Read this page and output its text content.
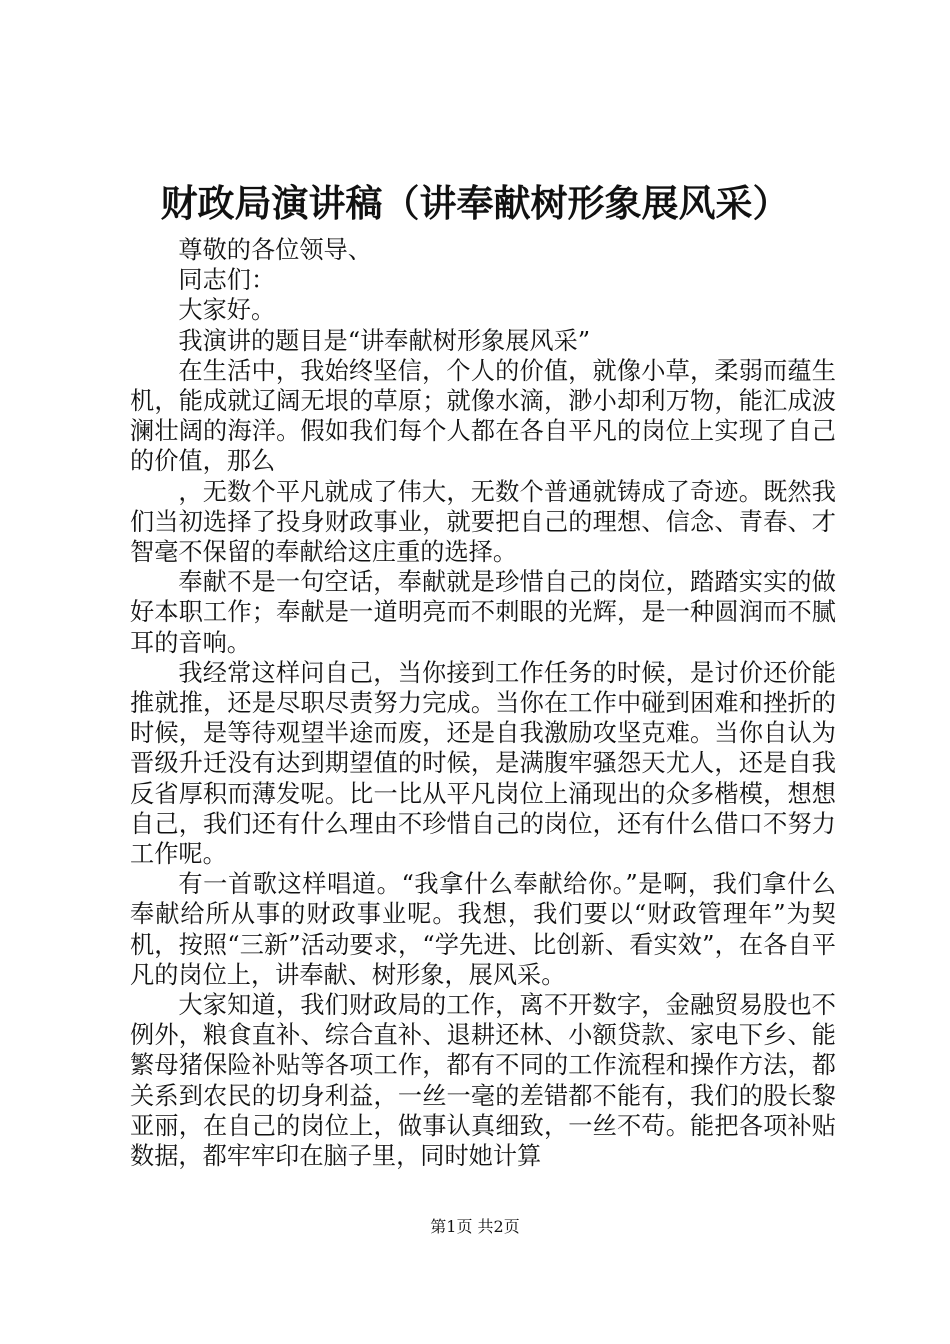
财政局演讲稿（讲奉献树形象展风采）

尊敬的各位领导、

同志们：

大家好。

我演讲的题目是“讲奉献树形象展风采”

在生活中，我始终坚信，个人的价值，就像小草，柔弱而蕴生机，能成就辽阔无垠的草原；就像水滴，渺小却利万物，能汇成波澜壮阔的海洋。假如我们每个人都在各自平凡的岗位上实现了自己的价值，那么

，无数个平凡就成了伟大，无数个普通就铸成了奇迹。既然我们当初选择了投身财政事业，就要把自己的理想、信念、青春、才智毫不保留的奉献给这庄重的选择。

奉献不是一句空话，奉献就是珍惜自己的岗位，踏踏实实的做好本职工作；奉献是一道明亮而不刺眼的光辉，是一种圆润而不腻耳的音响。

我经常这样问自己，当你接到工作任务的时候，是讨价还价能推就推，还是尽职尽责努力完成。当你在工作中碰到困难和挫折的时候，是等待观望半途而废，还是自我激励攻坚克难。当你自认为晋级升迁没有达到期望值的时候，是满腹牢骚怨天尤人，还是自我反省厚积而薄发呢。比一比从平凡岗位上涌现出的众多楷模，想想自己，我们还有什么理由不珍惜自己的岗位，还有什么借口不努力工作呢。

有一首歌这样唱道。“我拿什么奉献给你。”是啊，我们拿什么奉献给所从事的财政事业呢。我想，我们要以“财政管理年”为契机，按照“三新”活动要求，“学先进、比创新、看实效”，在各自平凡的岗位上，讲奉献、树形象，展风采。

大家知道，我们财政局的工作，离不开数字，金融贸易股也不例外，粮食直补、综合直补、退耕还林、小额贷款、家电下乡、能繁母猪保险补贴等各项工作，都有不同的工作流程和操作方法，都关系到农民的切身利益，一丝一毫的差错都不能有，我们的股长黎亚丽，在自己的岗位上，做事认真细致，一丝不苟。能把各项补贴数据，都牢牢印在脑子里，同时她计算

第1页 共2页
